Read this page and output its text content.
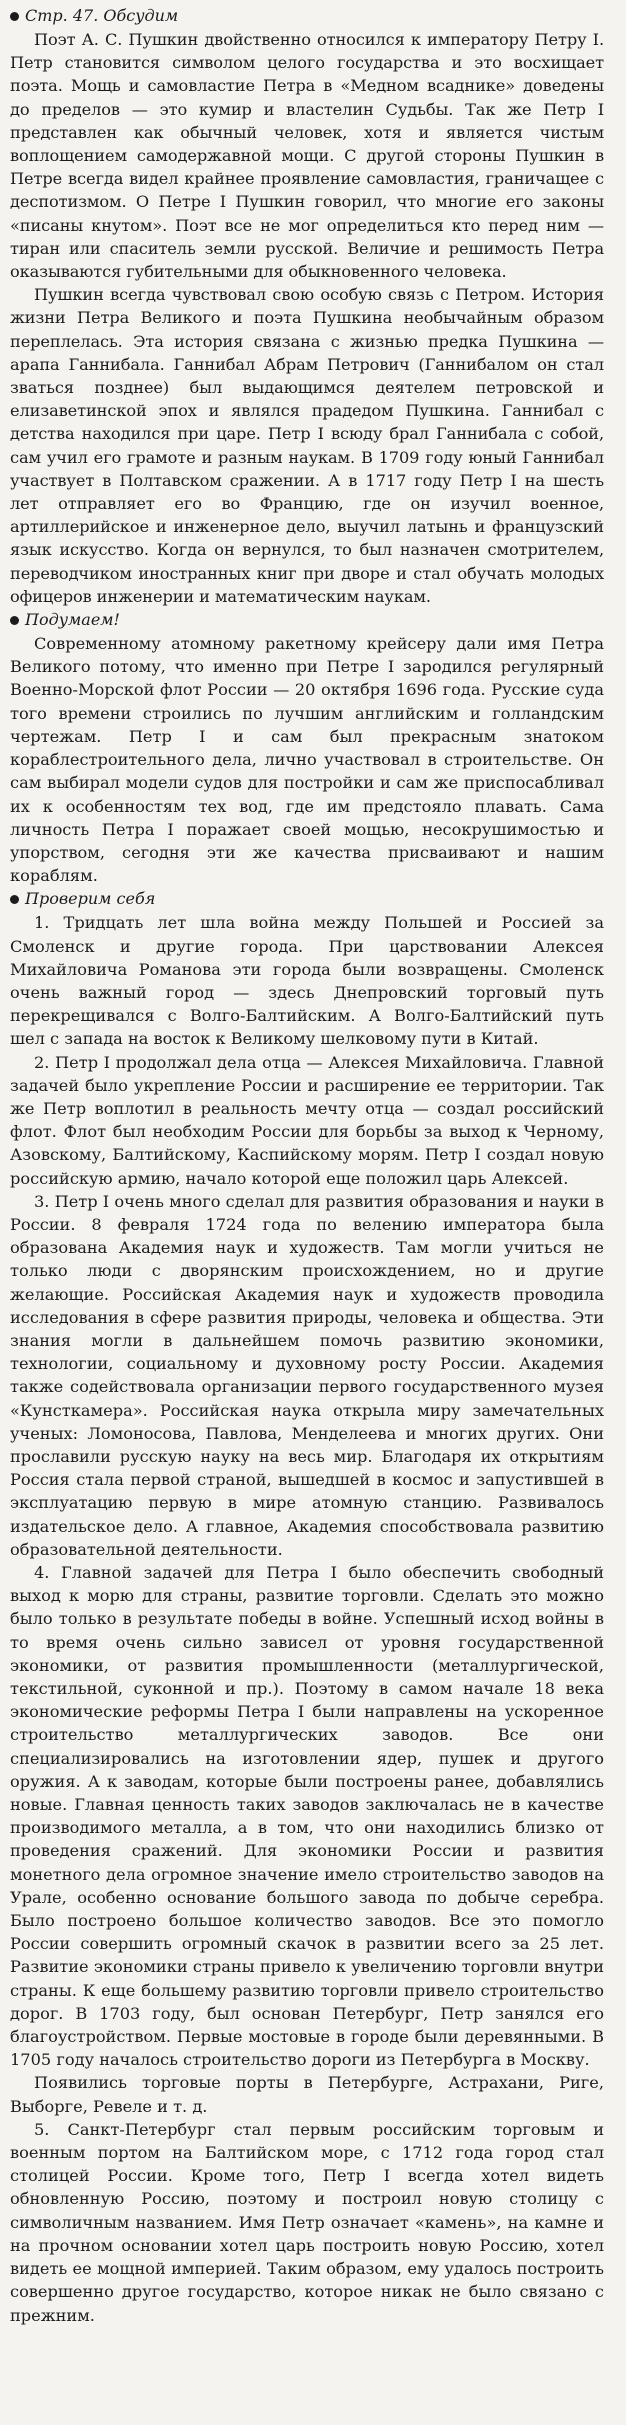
Стр. 47. Обсудим

Поэт А. С. Пушкин двойственно относился к императору Петру I. Петр становится символом целого государства и это восхищает поэта. Мощь и самовластие Петра в «Медном всаднике» доведены до пределов — это кумир и властелин Судьбы. Так же Петр I представлен как обычный человек, хотя и является чистым воплощением самодержавной мощи. С другой стороны Пушкин в Петре всегда видел крайнее проявление самовластия, граничащее с деспотизмом. О Петре I Пушкин говорил, что многие его законы «писаны кнутом». Поэт все не мог определиться кто перед ним — тиран или спаситель земли русской. Величие и решимость Петра оказываются губительными для обыкновенного человека.

Пушкин всегда чувствовал свою особую связь с Петром. История жизни Петра Великого и поэта Пушкина необычайным образом переплелась. Эта история связана с жизнью предка Пушкина — арапа Ганнибала. Ганнибал Абрам Петрович (Ганнибалом он стал зваться позднее) был выдающимся деятелем петровской и елизаветинской эпох и являлся прадедом Пушкина. Ганнибал с детства находился при царе. Петр I всюду брал Ганнибала с собой, сам учил его грамоте и разным наукам. В 1709 году юный Ганнибал участвует в Полтавском сражении. А в 1717 году Петр I на шесть лет отправляет его во Францию, где он изучил военное, артиллерийское и инженерное дело, выучил латынь и французский язык искусство. Когда он вернулся, то был назначен смотрителем, переводчиком иностранных книг при дворе и стал обучать молодых офицеров инженерии и математическим наукам.

Подумаем!

Современному атомному ракетному крейсеру дали имя Петра Великого потому, что именно при Петре I зародился регулярный Военно-Морской флот России — 20 октября 1696 года. Русские суда того времени строились по лучшим английским и голландским чертежам. Петр I и сам был прекрасным знатоком кораблестроительного дела, лично участвовал в строительстве. Он сам выбирал модели судов для постройки и сам же приспосабливал их к особенностям тех вод, где им предстояло плавать. Сама личность Петра I поражает своей мощью, несокрушимостью и упорством, сегодня эти же качества присваивают и нашим кораблям.

Проверим себя

1. Тридцать лет шла война между Польшей и Россией за Смоленск и другие города. При царствовании Алексея Михайловича Романова эти города были возвращены. Смоленск очень важный город — здесь Днепровский торговый путь перекрещивался с Волго-Балтийским. А Волго-Балтийский путь шел с запада на восток к Великому шелковому пути в Китай.

2. Петр I продолжал дела отца — Алексея Михайловича. Главной задачей было укрепление России и расширение ее территории. Так же Петр воплотил в реальность мечту отца — создал российский флот. Флот был необходим России для борьбы за выход к Черному, Азовскому, Балтийскому, Каспийскому морям. Петр I создал новую российскую армию, начало которой еще положил царь Алексей.

3. Петр I очень много сделал для развития образования и науки в России. 8 февраля 1724 года по велению императора была образована Академия наук и художеств. Там могли учиться не только люди с дворянским происхождением, но и другие желающие. Российская Академия наук и художеств проводила исследования в сфере развития природы, человека и общества. Эти знания могли в дальнейшем помочь развитию экономики, технологии, социальному и духовному росту России. Академия также содействовала организации первого государственного музея «Кунсткамера». Российская наука открыла миру замечательных ученых: Ломоносова, Павлова, Менделеева и многих других. Они прославили русскую науку на весь мир. Благодаря их открытиям Россия стала первой страной, вышедшей в космос и запустившей в эксплуатацию первую в мире атомную станцию. Развивалось издательское дело. А главное, Академия способствовала развитию образовательной деятельности.

4. Главной задачей для Петра I было обеспечить свободный выход к морю для страны, развитие торговли. Сделать это можно было только в результате победы в войне. Успешный исход войны в то время очень сильно зависел от уровня государственной экономики, от развития промышленности (металлургической, текстильной, суконной и пр.). Поэтому в самом начале 18 века экономические реформы Петра I были направлены на ускоренное строительство металлургических заводов. Все они специализировались на изготовлении ядер, пушек и другого оружия. А к заводам, которые были построены ранее, добавлялись новые. Главная ценность таких заводов заключалась не в качестве производимого металла, а в том, что они находились близко от проведения сражений. Для экономики России и развития монетного дела огромное значение имело строительство заводов на Урале, особенно основание большого завода по добыче серебра. Было построено большое количество заводов. Все это помогло России совершить огромный скачок в развитии всего за 25 лет. Развитие экономики страны привело к увеличению торговли внутри страны. К еще большему развитию торговли привело строительство дорог. В 1703 году, был основан Петербург, Петр занялся его благоустройством. Первые мостовые в городе были деревянными. В 1705 году началось строительство дороги из Петербурга в Москву.

Появились торговые порты в Петербурге, Астрахани, Риге, Выборге, Ревеле и т. д.

5. Санкт-Петербург стал первым российским торговым и военным портом на Балтийском море, с 1712 года город стал столицей России. Кроме того, Петр I всегда хотел видеть обновленную Россию, поэтому и построил новую столицу с символичным названием. Имя Петр означает «камень», на камне и на прочном основании хотел царь построить новую Россию, хотел видеть ее мощной империей. Таким образом, ему удалось построить совершенно другое государство, которое никак не было связано с прежним.
